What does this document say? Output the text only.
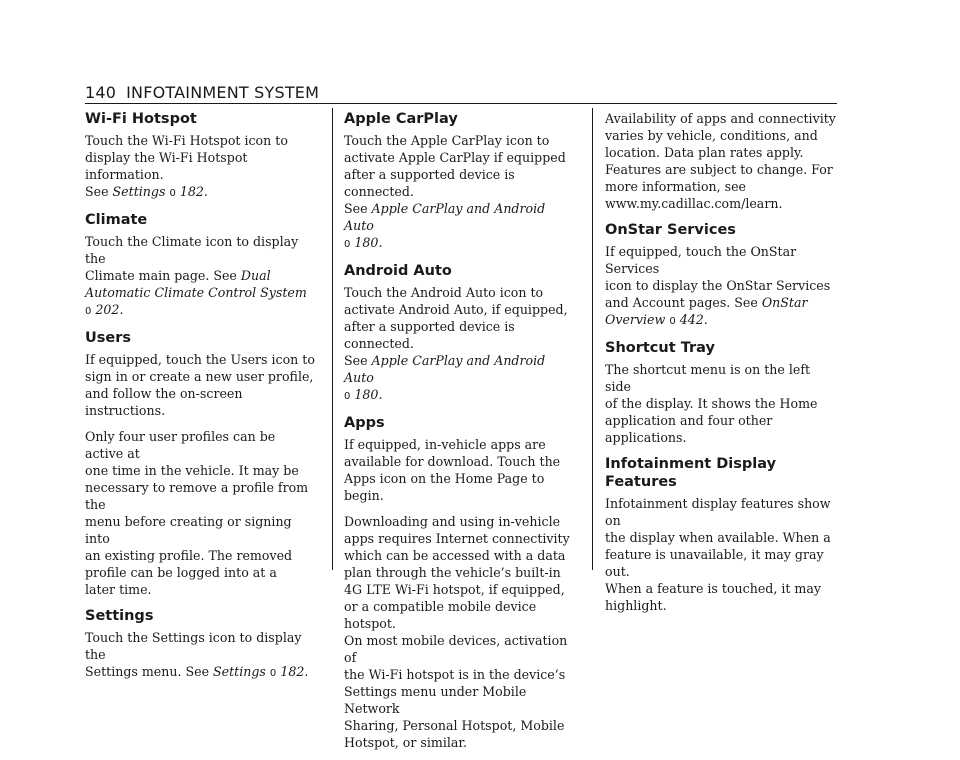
140 INFOTAINMENT SYSTEM
Wi-Fi Hotspot

Touch the Wi-Fi Hotspot icon to
display the Wi-Fi Hotspot information.
See Settings 0 182.

Climate

Touch the Climate icon to display the
Climate main page. See Dual
Automatic Climate Control System
0 202.

Users

If equipped, touch the Users icon to
sign in or create a new user profile,
and follow the on-screen instructions.

Only four user profiles can be active at
one time in the vehicle. It may be
necessary to remove a profile from the
menu before creating or signing into
an existing profile. The removed
profile can be logged into at a
later time.

Settings

Touch the Settings icon to display the
Settings menu. See Settings 0 182.

Apple CarPlay

Touch the Apple CarPlay icon to
activate Apple CarPlay if equipped
after a supported device is connected.
See Apple CarPlay and Android Auto
0 180.

Android Auto

Touch the Android Auto icon to
activate Android Auto, if equipped,
after a supported device is connected.
See Apple CarPlay and Android Auto
0 180.

Apps

If equipped, in-vehicle apps are
available for download. Touch the
Apps icon on the Home Page to begin.

Downloading and using in-vehicle
apps requires Internet connectivity
which can be accessed with a data
plan through the vehicle’s built-in
4G LTE Wi-Fi hotspot, if equipped,
or a compatible mobile device hotspot.
On most mobile devices, activation of
the Wi-Fi hotspot is in the device’s
Settings menu under Mobile Network
Sharing, Personal Hotspot, Mobile
Hotspot, or similar.

Availability of apps and connectivity
varies by vehicle, conditions, and
location. Data plan rates apply.
Features are subject to change. For
more information, see
www.my.cadillac.com/learn.

OnStar Services

If equipped, touch the OnStar Services
icon to display the OnStar Services
and Account pages. See OnStar
Overview 0 442.

Shortcut Tray

The shortcut menu is on the left side
of the display. It shows the Home
application and four other
applications.

Infotainment Display Features

Infotainment display features show on
the display when available. When a
feature is unavailable, it may gray out.
When a feature is touched, it may
highlight.
